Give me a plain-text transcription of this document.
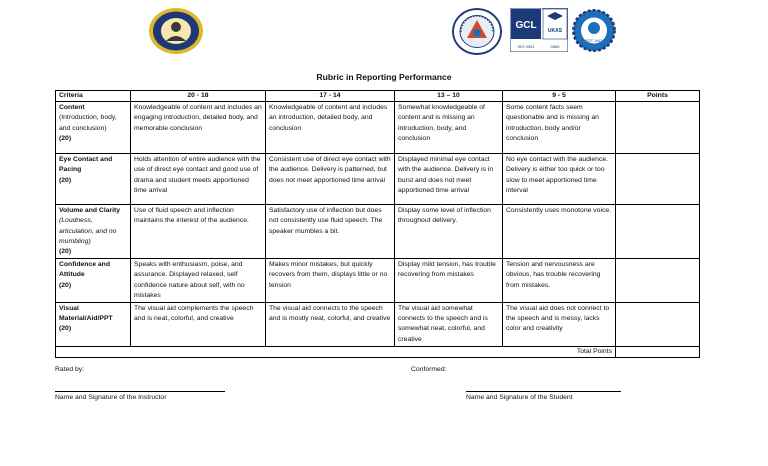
GCL UKAS
ISO 9001	0565
EST 1947
Rubric in Reporting Performance
Criteria	20 - 18	17 - 14	13 – 10	9 - 5	Points

Content
(Introduction, body, and conclusion)
(20)	Knowledgeable of content and includes an engaging introduction, detailed body, and memorable conclusion	Knowledgeable of content and includes an introduction, detailed body, and conclusion	Somewhat knowledgeable of content and is missing an introduction, body, and conclusion	Some content facts seem questionable and is missing an introduction, body and/or conclusion	

Eye Contact and Pacing
(20)	Holds attention of entire audience with the use of direct eye contact and good use of drama and student meets apportioned time arrival	Consistent use of direct eye contact with the audience. Delivery is patterned, but does not meet apportioned time arrival	Displayed minimal eye contact with the audience. Delivery is in burst and does not meet apportioned time arrival	No eye contact with the audience. Delivery is either too quick or too slow to meet apportioned time interval	

Volume and Clarity
(Loudness, articulation, and no mumbling)
(20)	Use of fluid speech and inflection maintains the interest of the audience.	Satisfactory use of inflection but does not consistently use fluid speech. The speaker mumbles a bit.	Display some level of inflection throughout delivery.	Consistently uses monotone voice.	

Confidence and Attitude
(20)	Speaks with enthusiasm, poise, and assurance. Displayed relaxed, self confidence nature about self, with no mistakes	Makes minor mistakes, but quickly recovers from them, displays little or no tension	Display mild tension, has trouble recovering from mistakes	Tension and nervousness are obvious, has trouble recovering from mistakes.	

Visual Material/Aid/PPT
(20)	The visual aid complements the speech and is neat, colorful, and creative	The visual aid connects to the speech and is mostly neat, colorful, and creative	The visual aid somewhat connects to the speech and is somewhat neat, colorful, and creative	The visual aid does not connect to the speech and is messy, lacks color and creativity	
Total Points					
Rated by:	Conformed:
Name and Signature of the Instructor	Name and Signature of the Student
